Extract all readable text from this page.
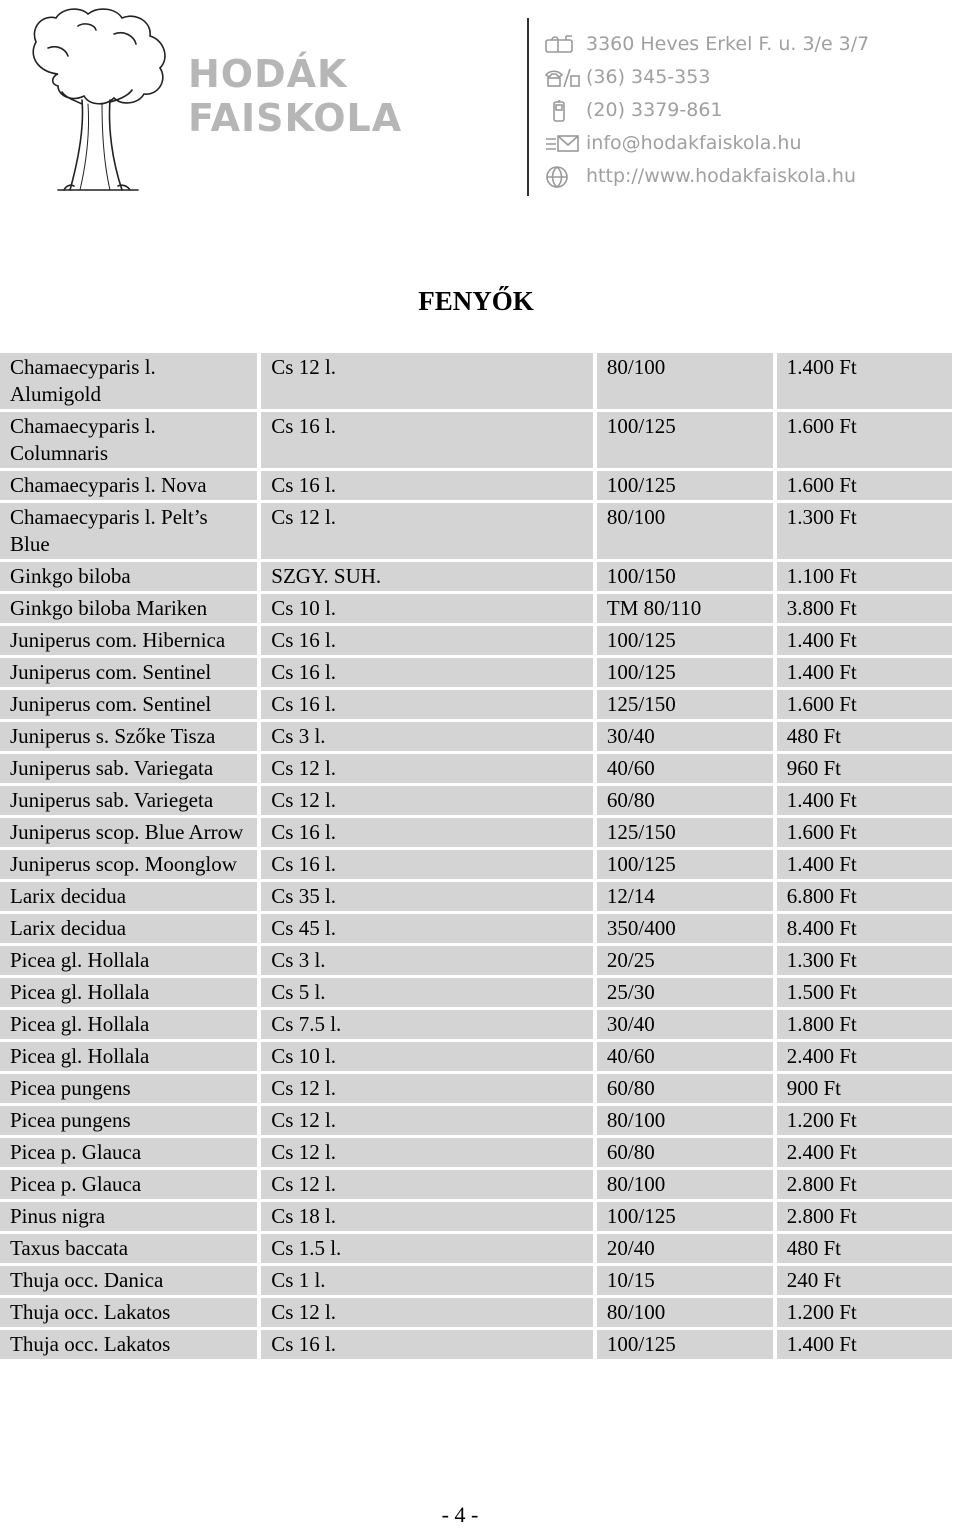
HODÁK
FAISKOLA
3360 Heves Erkel F. u. 3/e 3/7
(36) 345-353
(20) 3379-861
info@hodakfaiskola.hu
http://www.hodakfaiskola.hu
FENYŐK
Chamaecyparis l. Alumigold	Cs 12 l.	80/100	1.400 Ft
Chamaecyparis l. Columnaris	Cs 16 l.	100/125	1.600 Ft
Chamaecyparis l. Nova	Cs 16 l.	100/125	1.600 Ft
Chamaecyparis l. Pelt’s Blue	Cs 12 l.	80/100	1.300 Ft
Ginkgo biloba	SZGY. SUH.	100/150	1.100 Ft
Ginkgo biloba Mariken	Cs 10 l.	TM 80/110	3.800 Ft
Juniperus com. Hibernica	Cs 16 l.	100/125	1.400 Ft
Juniperus com. Sentinel	Cs 16 l.	100/125	1.400 Ft
Juniperus com. Sentinel	Cs 16 l.	125/150	1.600 Ft
Juniperus s. Szőke Tisza	Cs 3 l.	30/40	480 Ft
Juniperus sab. Variegata	Cs 12 l.	40/60	960 Ft
Juniperus sab. Variegeta	Cs 12 l.	60/80	1.400 Ft
Juniperus scop. Blue Arrow	Cs 16 l.	125/150	1.600 Ft
Juniperus scop. Moonglow	Cs 16 l.	100/125	1.400 Ft
Larix decidua	Cs 35 l.	12/14	6.800 Ft
Larix decidua	Cs 45 l.	350/400	8.400 Ft
Picea gl. Hollala	Cs 3 l.	20/25	1.300 Ft
Picea gl. Hollala	Cs 5 l.	25/30	1.500 Ft
Picea gl. Hollala	Cs 7.5 l.	30/40	1.800 Ft
Picea gl. Hollala	Cs 10 l.	40/60	2.400 Ft
Picea pungens	Cs 12 l.	60/80	900 Ft
Picea pungens	Cs 12 l.	80/100	1.200 Ft
Picea p. Glauca	Cs 12 l.	60/80	2.400 Ft
Picea p. Glauca	Cs 12 l.	80/100	2.800 Ft
Pinus nigra	Cs 18 l.	100/125	2.800 Ft
Taxus baccata	Cs 1.5 l.	20/40	480 Ft
Thuja occ. Danica	Cs 1 l.	10/15	240 Ft
Thuja occ. Lakatos	Cs 12 l.	80/100	1.200 Ft
Thuja occ. Lakatos	Cs 16 l.	100/125	1.400 Ft
- 4 -
